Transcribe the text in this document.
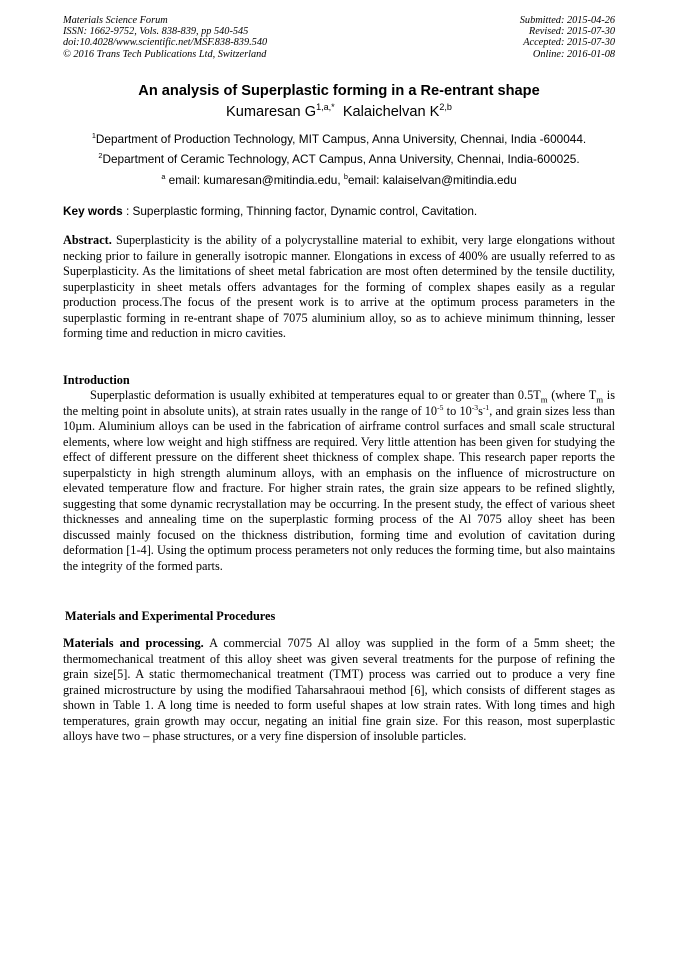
Materials Science Forum
ISSN: 1662-9752, Vols. 838-839, pp 540-545
doi:10.4028/www.scientific.net/MSF.838-839.540
© 2016 Trans Tech Publications Ltd, Switzerland
Submitted: 2015-04-26
Revised: 2015-07-30
Accepted: 2015-07-30
Online: 2016-01-08
An analysis of Superplastic forming in a Re-entrant shape
Kumaresan $G^{1,a,*}$ Kalaichelvan K$^{2,b}$
$^1$Department of Production Technology, MIT Campus, Anna University, Chennai, India -600044.
$^2$Department of Ceramic Technology, ACT Campus, Anna University, Chennai, India-600025.
$^a$ email: kumaresan@mitindia.edu, $^b$email: kalaiselvan@mitindia.edu
Key words : Superplastic forming, Thinning factor, Dynamic control, Cavitation.
Abstract. Superplasticity is the ability of a polycrystalline material to exhibit, very large elongations without necking prior to failure in generally isotropic manner. Elongations in excess of 400% are usually referred to as Superplasticity. As the limitations of sheet metal fabrication are most often determined by the tensile ductility, superplasticity in sheet metals offers advantages for the forming of complex shapes easily as a regular production process.The focus of the present work is to arrive at the optimum process parameters in the superplastic forming in re-entrant shape of 7075 aluminium alloy, so as to achieve minimum thinning, lesser forming time and reduction in micro cavities.
Introduction
Superplastic deformation is usually exhibited at temperatures equal to or greater than $0.5T_m$ (where $T_m$ is the melting point in absolute units), at strain rates usually in the range of $10^{-5}$ to $10^{-3}s^{-1}$, and grain sizes less than 10µm. Aluminium alloys can be used in the fabrication of airframe control surfaces and small scale structural elements, where low weight and high stiffness are required. Very little attention has been given for studying the effect of different pressure on the different sheet thickness of complex shape. This research paper reports the superpalsticty in high strength aluminum alloys, with an emphasis on the influence of microstructure on elevated temperature flow and fracture. For higher strain rates, the grain size appears to be refined slightly, suggesting that some dynamic recrystallation may be occurring. In the present study, the effect of various sheet thicknesses and annealing time on the superplastic forming process of the Al 7075 alloy sheet has been discussed mainly focused on the thickness distribution, forming time and evolution of cavitation during deformation [1-4]. Using the optimum process perameters not only reduces the forming time, but also maintains the integrity of the formed parts.
Materials and Experimental Procedures
Materials and processing. A commercial 7075 Al alloy was supplied in the form of a 5mm sheet; the thermomechanical treatment of this alloy sheet was given several treatments for the purpose of refining the grain size[5]. A static thermomechanical treatment (TMT) process was carried out to produce a very fine grained microstructure by using the modified Taharsahraoui method [6], which consists of different stages as shown in Table 1. A long time is needed to form useful shapes at low strain rates. With long times and high temperatures, grain growth may occur, negating an initial fine grain size. For this reason, most superplastic alloys have two – phase structures, or a very fine dispersion of insoluble particles.
